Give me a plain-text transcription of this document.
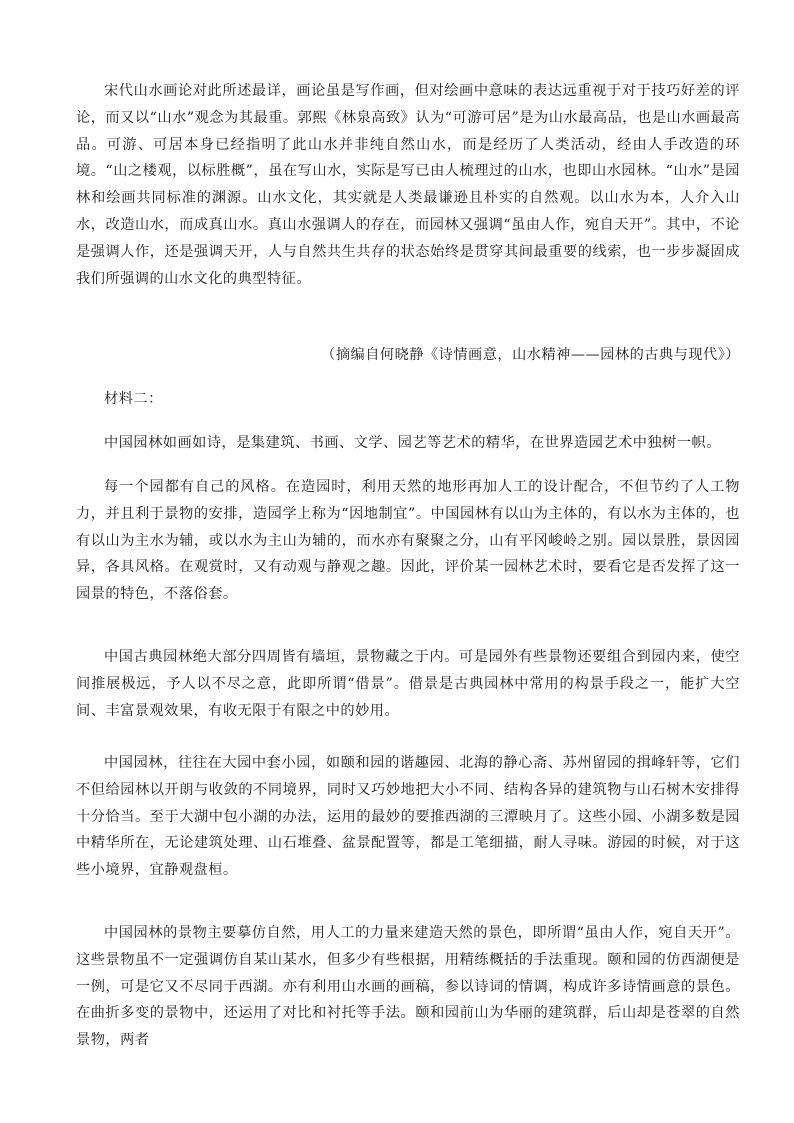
宋代山水画论对此所述最详，画论虽是写作画，但对绘画中意味的表达远重视于对于技巧好差的评论，而又以“山水”观念为其最重。郭熙《林泉高致》认为“可游可居”是为山水最高品，也是山水画最高品。可游、可居本身已经指明了此山水并非纯自然山水，而是经历了人类活动，经由人手改造的环境。“山之楼观，以标胜概”，虽在写山水，实际是写已由人梳理过的山水，也即山水园林。“山水”是园林和绘画共同标准的渊源。山水文化，其实就是人类最谦逊且朴实的自然观。以山水为本，人介入山水，改造山水，而成真山水。真山水强调人的存在，而园林又强调“虽由人作，宛自天开”。其中，不论是强调人作，还是强调天开，人与自然共生共存的状态始终是贯穿其间最重要的线索，也一步步凝固成我们所强调的山水文化的典型特征。

（摘编自何晓静《诗情画意，山水精神——园林的古典与现代》）

材料二：

中国园林如画如诗，是集建筑、书画、文学、园艺等艺术的精华，在世界造园艺术中独树一帜。

每一个园都有自己的风格。在造园时，利用天然的地形再加人工的设计配合，不但节约了人工物力，并且利于景物的安排，造园学上称为“因地制宜”。中国园林有以山为主体的，有以水为主体的，也有以山为主水为辅，或以水为主山为辅的，而水亦有聚聚之分，山有平冈峻岭之别。园以景胜，景因园异，各具风格。在观赏时，又有动观与静观之趣。因此，评价某一园林艺术时，要看它是否发挥了这一园景的特色，不落俗套。

中国古典园林绝大部分四周皆有墙垣，景物藏之于内。可是园外有些景物还要组合到园内来，使空间推展极远，予人以不尽之意，此即所谓“借景”。借景是古典园林中常用的构景手段之一，能扩大空间、丰富景观效果，有收无限于有限之中的妙用。

中国园林，往往在大园中套小园，如颐和园的谐趣园、北海的静心斋、苏州留园的揖峰轩等，它们不但给园林以开朗与收敛的不同境界，同时又巧妙地把大小不同、结构各异的建筑物与山石树木安排得十分恰当。至于大湖中包小湖的办法，运用的最妙的要推西湖的三潭映月了。这些小园、小湖多数是园中精华所在，无论建筑处理、山石堆叠、盆景配置等，都是工笔细描，耐人寻味。游园的时候，对于这些小境界，宜静观盘桓。

中国园林的景物主要摹仿自然，用人工的力量来建造天然的景色，即所谓“虽由人作，宛自天开”。这些景物虽不一定强调仿自某山某水，但多少有些根据，用精练概括的手法重现。颐和园的仿西湖便是一例，可是它又不尽同于西湖。亦有利用山水画的画稿，参以诗词的情调，构成许多诗情画意的景色。在曲折多变的景物中，还运用了对比和衬托等手法。颐和园前山为华丽的建筑群，后山却是苍翠的自然景物，两者
